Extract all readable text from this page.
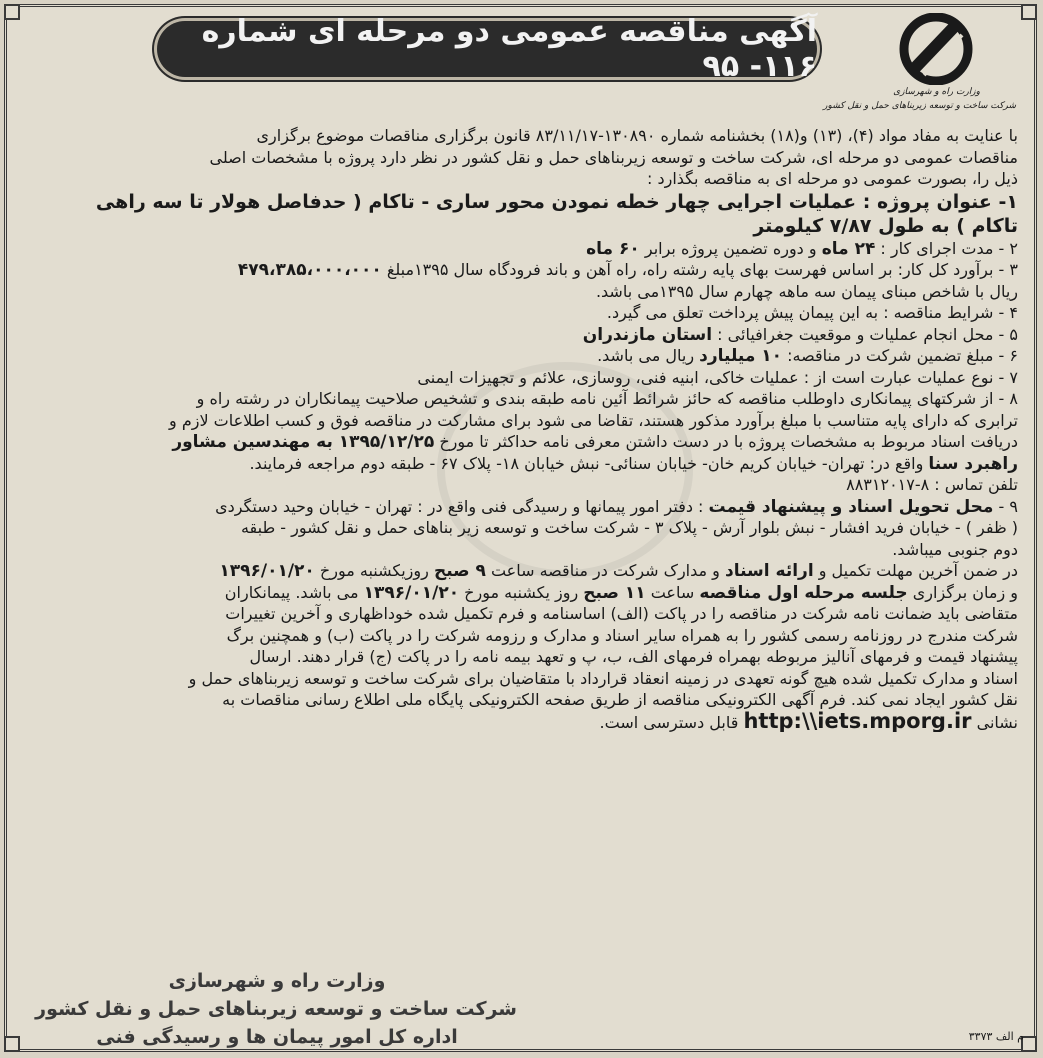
وزارت راه و شهرسازی
شرکت ساخت و توسعه زیربناهای حمل و نقل کشور
آگهی مناقصه عمومی دو مرحله ای شماره ۱۱۶- ۹۵
با عنایت به مفاد مواد (۴)، (۱۳) و(۱۸) بخشنامه شماره ۱۳۰۸۹۰-۸۳/۱۱/۱۷ قانون برگزاری مناقصات موضوع برگزاری
مناقصات عمومی دو مرحله ای، شرکت ساخت و توسعه زیربناهای حمل و نقل کشور در نظر دارد پروژه با مشخصات اصلی
ذیل را، بصورت عمومی دو مرحله ای به مناقصه بگذارد :
۱- عنوان پروژه : عملیات اجرایی چهار خطه نمودن محور ساری - تاکام ( حدفاصل هولار تا سه راهی
تاکام ) به طول ۷/۸۷ کیلومتر
۲ - مدت اجرای کار : ۲۴ ماه و دوره تضمین پروژه برابر ۶۰ ماه
۳ - برآورد کل کار: بر اساس فهرست بهای پایه رشته راه، راه آهن و باند فرودگاه سال ۱۳۹۵مبلغ ۴۷۹،۳۸۵،۰۰۰،۰۰۰
ریال با شاخص مبنای پیمان سه ماهه چهارم سال ۱۳۹۵می باشد.
۴ - شرایط مناقصه : به این پیمان پیش پرداخت تعلق می گیرد.
۵ - محل انجام عملیات و موقعیت جغرافیائی : استان مازندران
۶ - مبلغ تضمین شرکت در مناقصه: ۱۰ میلیارد ریال می باشد.
۷ - نوع عملیات عبارت است از : عملیات خاکی، ابنیه فنی، روسازی، علائم و تجهیزات ایمنی
۸ - از شرکتهای پیمانکاری داوطلب مناقصه که حائز شرائط آئین نامه طبقه بندی و تشخیص صلاحیت پیمانکاران در رشته راه و
ترابری که دارای پایه متناسب با مبلغ برآورد مذکور هستند، تقاضا می شود برای مشارکت در مناقصه فوق و کسب اطلاعات لازم و
دریافت اسناد مربوط به مشخصات پروژه با در دست داشتن معرفی نامه حداکثر تا مورخ ۱۳۹۵/۱۲/۲۵ به مهندسین مشاور
راهبرد سنا واقع در: تهران- خیابان کریم خان- خیابان سنائی- نبش خیابان ۱۸- پلاک ۶۷ - طبقه دوم مراجعه فرمایند.
تلفن تماس : ۸-۸۸۳۱۲۰۱۷
۹ - محل تحویل اسناد و پیشنهاد قیمت : دفتر امور پیمانها و رسیدگی فنی واقع در : تهران - خیابان وحید دستگردی
( ظفر ) - خیابان فرید افشار - نبش بلوار آرش - پلاک ۳ - شرکت ساخت و توسعه زیر بناهای حمل و نقل کشور - طبقه
دوم جنوبی میباشد.
در ضمن آخرین مهلت تکمیل و ارائه اسناد و مدارک شرکت در مناقصه ساعت ۹ صبح روزیکشنبه مورخ ۱۳۹۶/۰۱/۲۰
و زمان برگزاری جلسه مرحله اول مناقصه ساعت ۱۱ صبح روز یکشنبه مورخ ۱۳۹۶/۰۱/۲۰ می باشد. پیمانکاران
متقاضی باید ضمانت نامه شرکت در مناقصه را در پاکت (الف) اساسنامه و فرم تکمیل شده خوداظهاری و آخرین تغییرات
شرکت مندرج در روزنامه رسمی کشور را به همراه سایر اسناد و مدارک و رزومه شرکت را در پاکت (ب) و همچنین برگ
پیشنهاد قیمت و فرمهای آنالیز مربوطه بهمراه فرمهای الف، ب، پ و تعهد بیمه نامه را در پاکت (ج) قرار دهند. ارسال
اسناد و مدارک تکمیل شده هیچ گونه تعهدی در زمینه انعقاد قرارداد با متقاضیان برای شرکت ساخت و توسعه زیربناهای حمل و
نقل کشور ایجاد نمی کند. فرم آگهی الکترونیکی مناقصه از طریق صفحه الکترونیکی پایگاه ملی اطلاع رسانی مناقصات به
نشانی http:\\iets.mporg.ir قابل دسترسی است.
وزارت راه و شهرسازی
شرکت ساخت و توسعه زیربناهای حمل و نقل کشور
اداره کل امور پیمان ها و رسیدگی فنی	م الف ۳۳۷۳
